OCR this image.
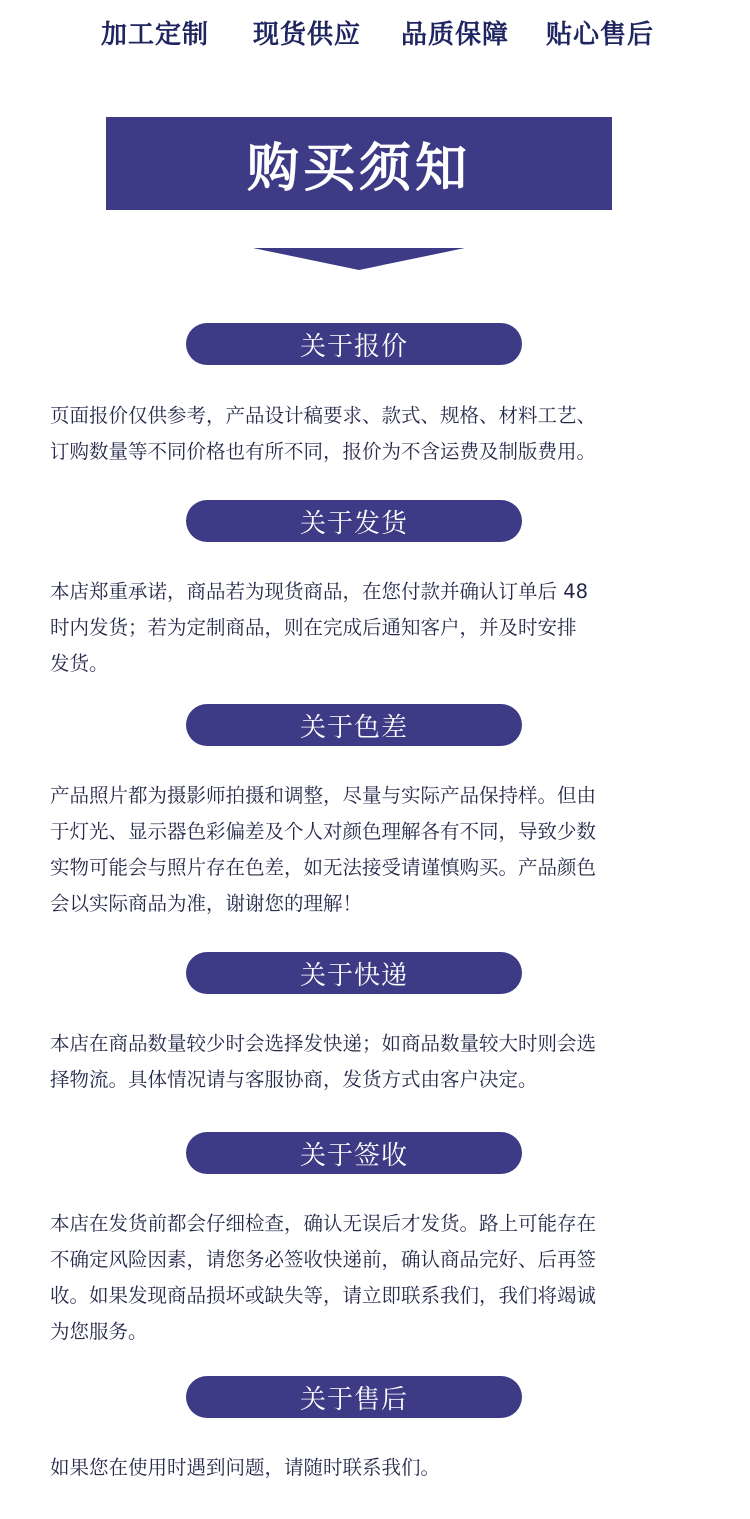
加工定制 现货供应 品质保障 贴心售后
购买须知
关于报价

页面报价仅供参考，产品设计稿要求、款式、规格、材料工艺、
订购数量等不同价格也有所不同，报价为不含运费及制版费用。

关于发货

本店郑重承诺，商品若为现货商品，在您付款并确认订单后 48
时内发货；若为定制商品，则在完成后通知客户，并及时安排
发货。

关于色差

产品照片都为摄影师拍摄和调整，尽量与实际产品保持样。但由
于灯光、显示器色彩偏差及个人对颜色理解各有不同，导致少数
实物可能会与照片存在色差，如无法接受请谨慎购买。产品颜色
会以实际商品为准，谢谢您的理解！

关于快递

本店在商品数量较少时会选择发快递；如商品数量较大时则会选
择物流。具体情况请与客服协商，发货方式由客户决定。

关于签收

本店在发货前都会仔细检查，确认无误后才发货。路上可能存在
不确定风险因素，请您务必签收快递前，确认商品完好、后再签
收。如果发现商品损坏或缺失等，请立即联系我们，我们将竭诚
为您服务。

关于售后

如果您在使用时遇到问题，请随时联系我们。
